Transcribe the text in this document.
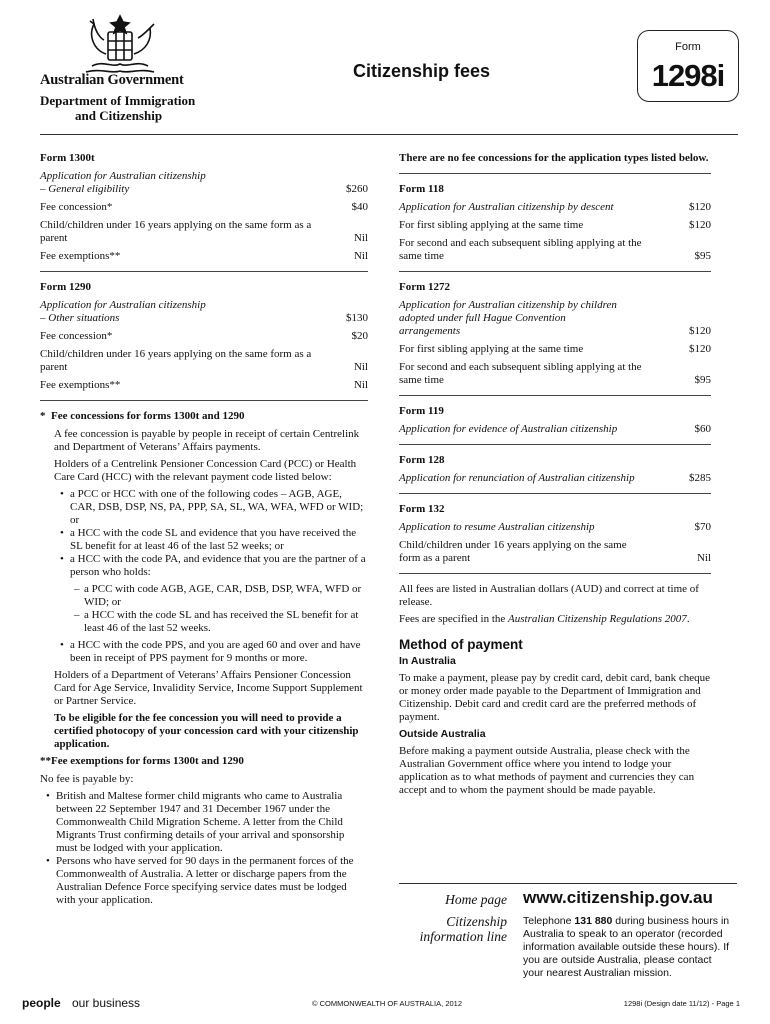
Australian Government
Department of Immigration
and Citizenship
Citizenship fees
Form
1298i
Form 1300t
Application for Australian citizenship
– General eligibility	$260
Fee concession*	$40
Child/children under 16 years applying on the same form as a parent	Nil
Fee exemptions**	Nil
Form 1290
Application for Australian citizenship
– Other situations	$130
Fee concession*	$20
Child/children under 16 years applying on the same form as a parent	Nil
Fee exemptions**	Nil
*  Fee concessions for forms 1300t and 1290

A fee concession is payable by people in receipt of certain Centrelink and Department of Veterans’ Affairs payments.

Holders of a Centrelink Pensioner Concession Card (PCC) or Health Care Card (HCC) with the relevant payment code listed below:

• a PCC or HCC with one of the following codes – AGB, AGE, CAR, DSB, DSP, NS, PA, PPP, SA, SL, WA, WFA, WFD or WID; or
• a HCC with the code SL and evidence that you have received the SL benefit for at least 46 of the last 52 weeks; or
• a HCC with the code PA, and evidence that you are the partner of a person who holds:
– a PCC with code AGB, AGE, CAR, DSB, DSP, WFA, WFD or WID; or
– a HCC with the code SL and has received the SL benefit for at least 46 of the last 52 weeks.
• a HCC with the code PPS, and you are aged 60 and over and have been in receipt of PPS payment for 9 months or more.

Holders of a Department of Veterans’ Affairs Pensioner Concession Card for Age Service, Invalidity Service, Income Support Supplement or Partner Service.

To be eligible for the fee concession you will need to provide a certified photocopy of your concession card with your citizenship application.

**Fee exemptions for forms 1300t and 1290

No fee is payable by:

• British and Maltese former child migrants who came to Australia between 22 September 1947 and 31 December 1967 under the Commonwealth Child Migration Scheme. A letter from the Child Migrants Trust confirming details of your arrival and sponsorship must be lodged with your application.
• Persons who have served for 90 days in the permanent forces of the Commonwealth of Australia. A letter or discharge papers from the Australian Defence Force specifying service dates must be lodged with your application.

There are no fee concessions for the application types listed below.

Form 118
Application for Australian citizenship by descent	$120
For first sibling applying at the same time	$120
For second and each subsequent sibling applying at the same time	$95
Form 1272
Application for Australian citizenship by children adopted under full Hague Convention arrangements	$120
For first sibling applying at the same time	$120
For second and each subsequent sibling applying at the same time	$95
Form 119
Application for evidence of Australian citizenship	$60
Form 128
Application for renunciation of Australian citizenship	$285
Form 132
Application to resume Australian citizenship	$70
Child/children under 16 years applying on the same form as a parent	Nil

All fees are listed in Australian dollars (AUD) and correct at time of release.

Fees are specified in the Australian Citizenship Regulations 2007.

Method of payment
In Australia

To make a payment, please pay by credit card, debit card, bank cheque or money order made payable to the Department of Immigration and Citizenship. Debit card and credit card are the preferred methods of payment.

Outside Australia

Before making a payment outside Australia, please check with the Australian Government office where you intend to lodge your application as to what methods of payment and currencies they can accept and to whom the payment should be made payable.

Home page www.citizenship.gov.au
Citizenship information line
Telephone 131 880 during business hours in Australia to speak to an operator (recorded information available outside these hours). If you are outside Australia, please contact your nearest Australian mission.
people our business	© COMMONWEALTH OF AUSTRALIA, 2012	1298i (Design date 11/12) - Page 1
